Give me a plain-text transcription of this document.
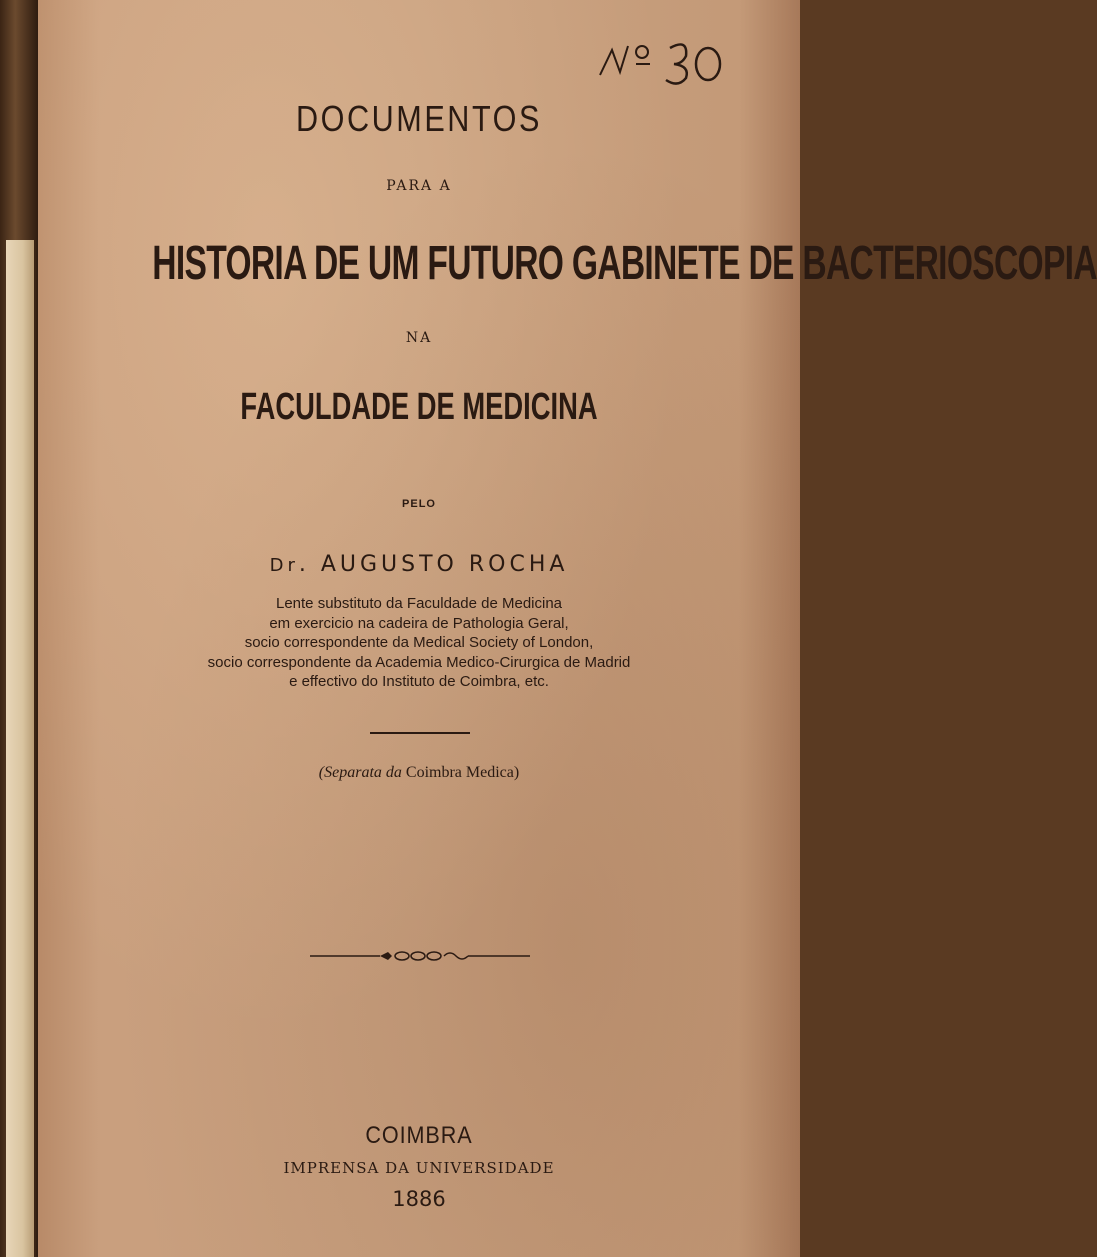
DOCUMENTOS
PARA A
HISTORIA DE UM FUTURO GABINETE DE BACTERIOSCOPIA
NA
FACULDADE DE MEDICINA
PELO
Dr. AUGUSTO ROCHA
Lente substituto da Faculdade de Medicina
em exercicio na cadeira de Pathologia Geral,
socio correspondente da Medical Society of London,
socio correspondente da Academia Medico-Cirurgica de Madrid
e effectivo do Instituto de Coimbra, etc.
(Separata da Coimbra Medica)
COIMBRA
IMPRENSA DA UNIVERSIDADE
1886
